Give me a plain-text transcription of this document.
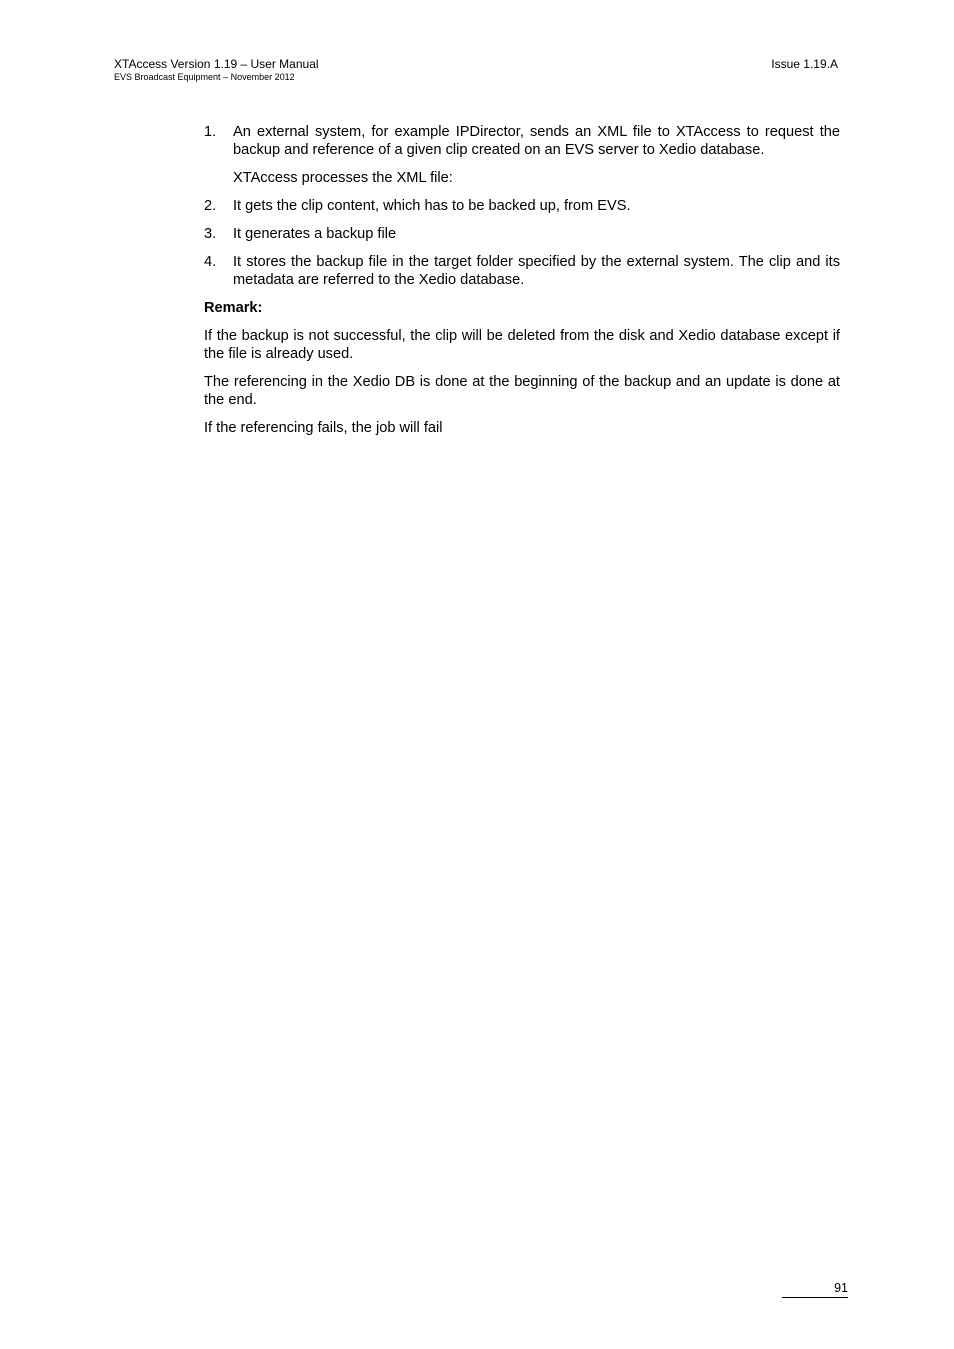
XTAccess Version 1.19 – User Manual
EVS Broadcast Equipment – November 2012
Issue 1.19.A
1. An external system, for example IPDirector, sends an XML file to XTAccess to request the backup and reference of a given clip created on an EVS server to Xedio database.

XTAccess processes the XML file:

2. It gets the clip content, which has to be backed up, from EVS.
3. It generates a backup file
4. It stores the backup file in the target folder specified by the external system. The clip and its metadata are referred to the Xedio database.

Remark:

If the backup is not successful, the clip will be deleted from the disk and Xedio database except if the file is already used.

The referencing in the Xedio DB is done at the beginning of the backup and an update is done at the end.

If the referencing fails, the job will fail

91
